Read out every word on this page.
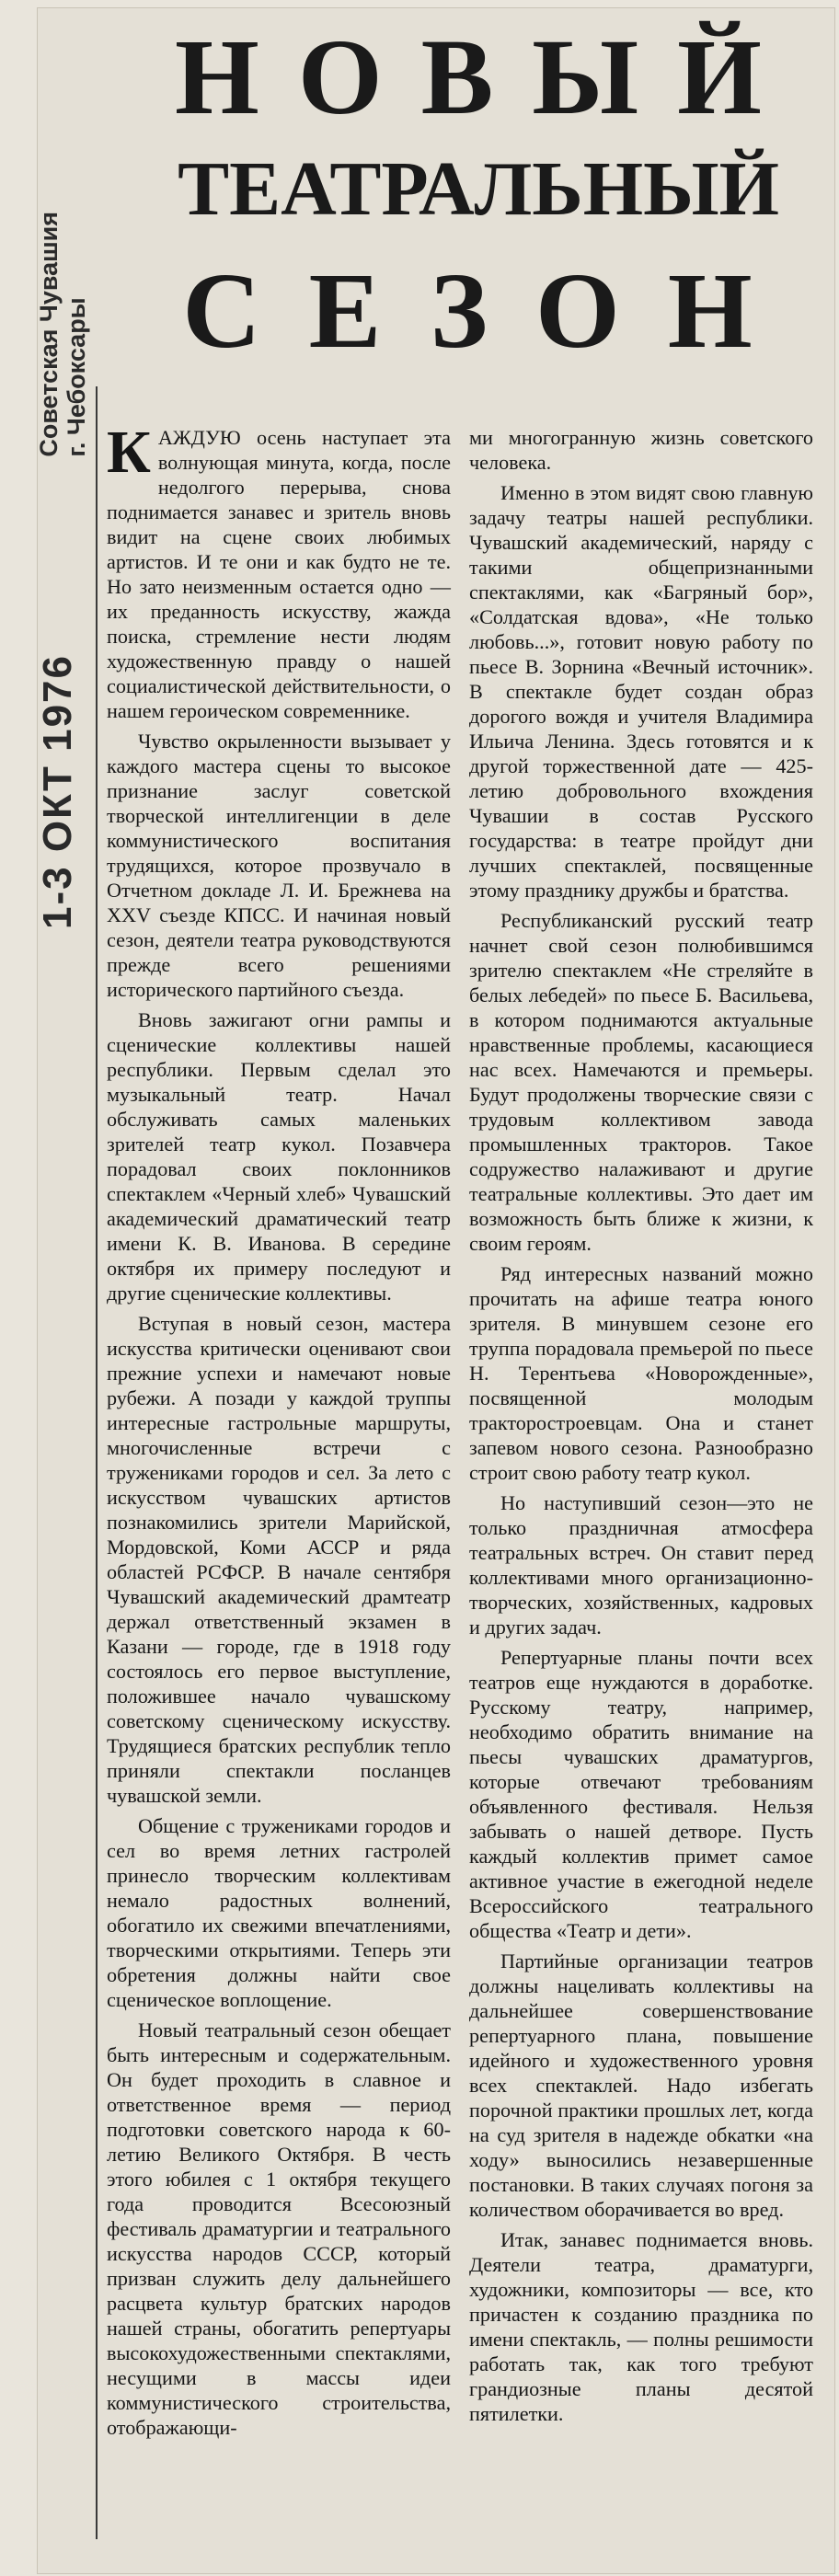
Советская Чувашия г. Чебоксары
1-3 ОКТ 1976
НОВЫЙ
ТЕАТРАЛЬНЫЙ
СЕЗОН

КАЖДУЮ осень наступает эта волнующая минута, когда, после недолгого перерыва, снова поднимается занавес и зритель вновь видит на сцене своих любимых артистов. И те они и как будто не те. Но зато неизменным остается одно — их преданность искусству, жажда поиска, стремление нести людям художественную правду о нашей социалистической действительности, о нашем героическом современнике.

Чувство окрыленности вызывает у каждого мастера сцены то высокое признание заслуг советской творческой интеллигенции в деле коммунистического воспитания трудящихся, которое прозвучало в Отчетном докладе Л. И. Брежнева на XXV съезде КПСС. И начиная новый сезон, деятели театра руководствуются прежде всего решениями исторического партийного съезда.

Вновь зажигают огни рампы и сценические коллективы нашей республики. Первым сделал это музыкальный театр. Начал обслуживать самых маленьких зрителей театр кукол. Позавчера порадовал своих поклонников спектаклем «Черный хлеб» Чувашский академический драматический театр имени К. В. Иванова. В середине октября их примеру последуют и другие сценические коллективы.

Вступая в новый сезон, мастера искусства критически оценивают свои прежние успехи и намечают новые рубежи. А позади у каждой труппы интересные гастрольные маршруты, многочисленные встречи с тружениками городов и сел. За лето с искусством чувашских артистов познакомились зрители Марийской, Мордовской, Коми АССР и ряда областей РСФСР. В начале сентября Чувашский академический драмтеатр держал ответственный экзамен в Казани — городе, где в 1918 году состоялось его первое выступление, положившее начало чувашскому советскому сценическому искусству. Трудящиеся братских республик тепло приняли спектакли посланцев чувашской земли.

Общение с тружениками городов и сел во время летних гастролей принесло творческим коллективам немало радостных волнений, обогатило их свежими впечатлениями, творческими открытиями. Теперь эти обретения должны найти свое сценическое воплощение.

Новый театральный сезон обещает быть интересным и содержательным. Он будет проходить в славное и ответственное время — период подготовки советского народа к 60-летию Великого Октября. В честь этого юбилея с 1 октября текущего года проводится Всесоюзный фестиваль драматургии и театрального искусства народов СССР, который призван служить делу дальнейшего расцвета культур братских народов нашей страны, обогатить репертуары высокохудожественными спектаклями, несущими в массы идеи коммунистического строительства, отображающи-

ми многогранную жизнь советского человека.

Именно в этом видят свою главную задачу театры нашей республики. Чувашский академический, наряду с такими общепризнанными спектаклями, как «Багряный бор», «Солдатская вдова», «Не только любовь...», готовит новую работу по пьесе В. Зорнина «Вечный источник». В спектакле будет создан образ дорогого вождя и учителя Владимира Ильича Ленина. Здесь готовятся и к другой торжественной дате — 425-летию добровольного вхождения Чувашии в состав Русского государства: в театре пройдут дни лучших спектаклей, посвященные этому празднику дружбы и братства.

Республиканский русский театр начнет свой сезон полюбившимся зрителю спектаклем «Не стреляйте в белых лебедей» по пьесе Б. Васильева, в котором поднимаются актуальные нравственные проблемы, касающиеся нас всех. Намечаются и премьеры. Будут продолжены творческие связи с трудовым коллективом завода промышленных тракторов. Такое содружество налаживают и другие театральные коллективы. Это дает им возможность быть ближе к жизни, к своим героям.

Ряд интересных названий можно прочитать на афише театра юного зрителя. В минувшем сезоне его труппа порадовала премьерой по пьесе Н. Терентьева «Новорожденные», посвященной молодым тракторостроевцам. Она и станет запевом нового сезона. Разнообразно строит свою работу театр кукол.

Но наступивший сезон—это не только праздничная атмосфера театральных встреч. Он ставит перед коллективами много организационно-творческих, хозяйственных, кадровых и других задач.

Репертуарные планы почти всех театров еще нуждаются в доработке. Русскому театру, например, необходимо обратить внимание на пьесы чувашских драматургов, которые отвечают требованиям объявленного фестиваля. Нельзя забывать о нашей детворе. Пусть каждый коллектив примет самое активное участие в ежегодной неделе Всероссийского театрального общества «Театр и дети».

Партийные организации театров должны нацеливать коллективы на дальнейшее совершенствование репертуарного плана, повышение идейного и художественного уровня всех спектаклей. Надо избегать порочной практики прошлых лет, когда на суд зрителя в надежде обкатки «на ходу» выносились незавершенные постановки. В таких случаях погоня за количеством оборачивается во вред.

Итак, занавес поднимается вновь. Деятели театра, драматурги, художники, композиторы — все, кто причастен к созданию праздника по имени спектакль, — полны решимости работать так, как того требуют грандиозные планы десятой пятилетки.
